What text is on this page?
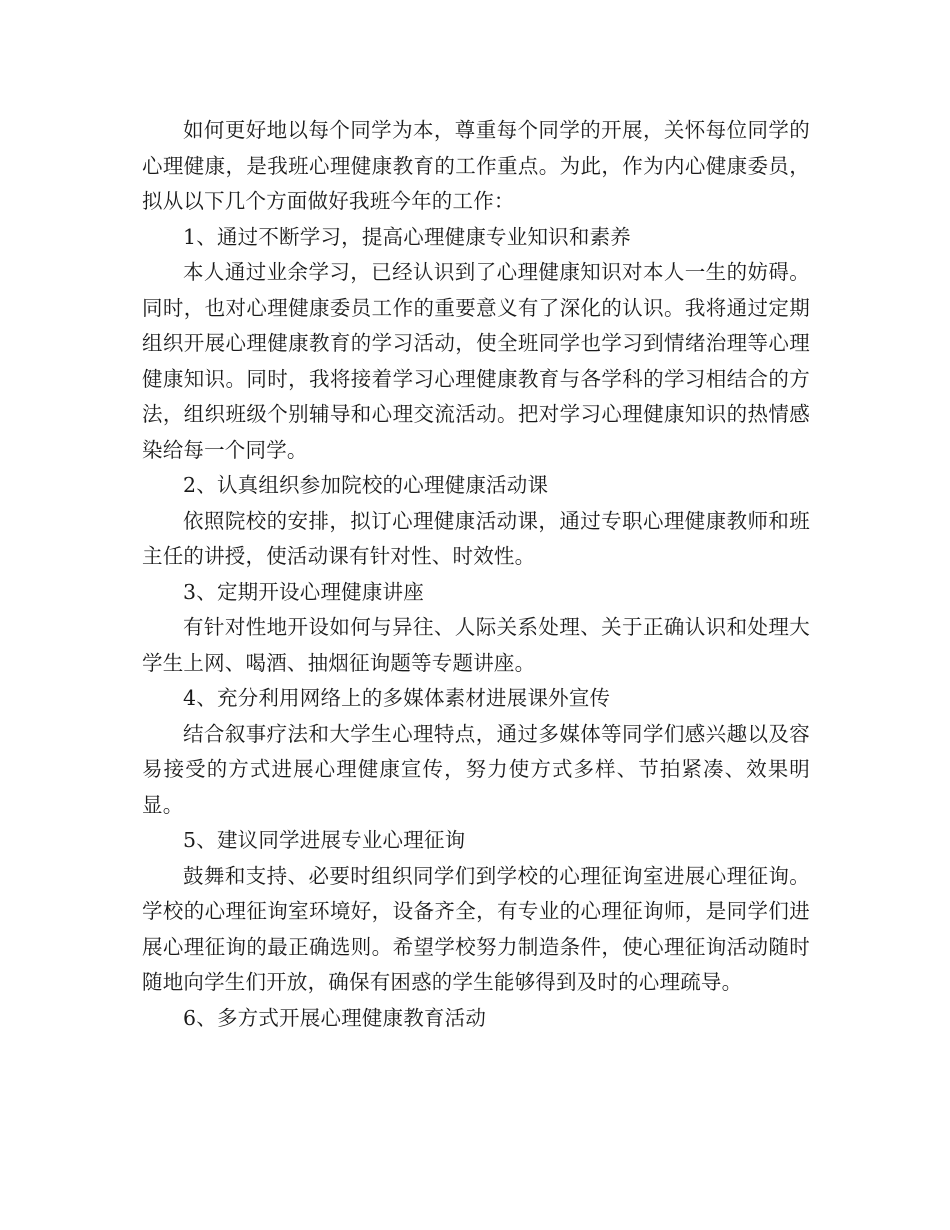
如何更好地以每个同学为本，尊重每个同学的开展，关怀每位同学的心理健康，是我班心理健康教育的工作重点。为此，作为内心健康委员，拟从以下几个方面做好我班今年的工作：

1、通过不断学习，提高心理健康专业知识和素养

本人通过业余学习，已经认识到了心理健康知识对本人一生的妨碍。同时，也对心理健康委员工作的重要意义有了深化的认识。我将通过定期组织开展心理健康教育的学习活动，使全班同学也学习到情绪治理等心理健康知识。同时，我将接着学习心理健康教育与各学科的学习相结合的方法，组织班级个别辅导和心理交流活动。把对学习心理健康知识的热情感染给每一个同学。

2、认真组织参加院校的心理健康活动课

依照院校的安排，拟订心理健康活动课，通过专职心理健康教师和班主任的讲授，使活动课有针对性、时效性。

3、定期开设心理健康讲座

有针对性地开设如何与异往、人际关系处理、关于正确认识和处理大学生上网、喝酒、抽烟征询题等专题讲座。

4、充分利用网络上的多媒体素材进展课外宣传

结合叙事疗法和大学生心理特点，通过多媒体等同学们感兴趣以及容易接受的方式进展心理健康宣传，努力使方式多样、节拍紧凑、效果明显。

5、建议同学进展专业心理征询

鼓舞和支持、必要时组织同学们到学校的心理征询室进展心理征询。学校的心理征询室环境好，设备齐全，有专业的心理征询师，是同学们进展心理征询的最正确选则。希望学校努力制造条件，使心理征询活动随时随地向学生们开放，确保有困惑的学生能够得到及时的心理疏导。

6、多方式开展心理健康教育活动
